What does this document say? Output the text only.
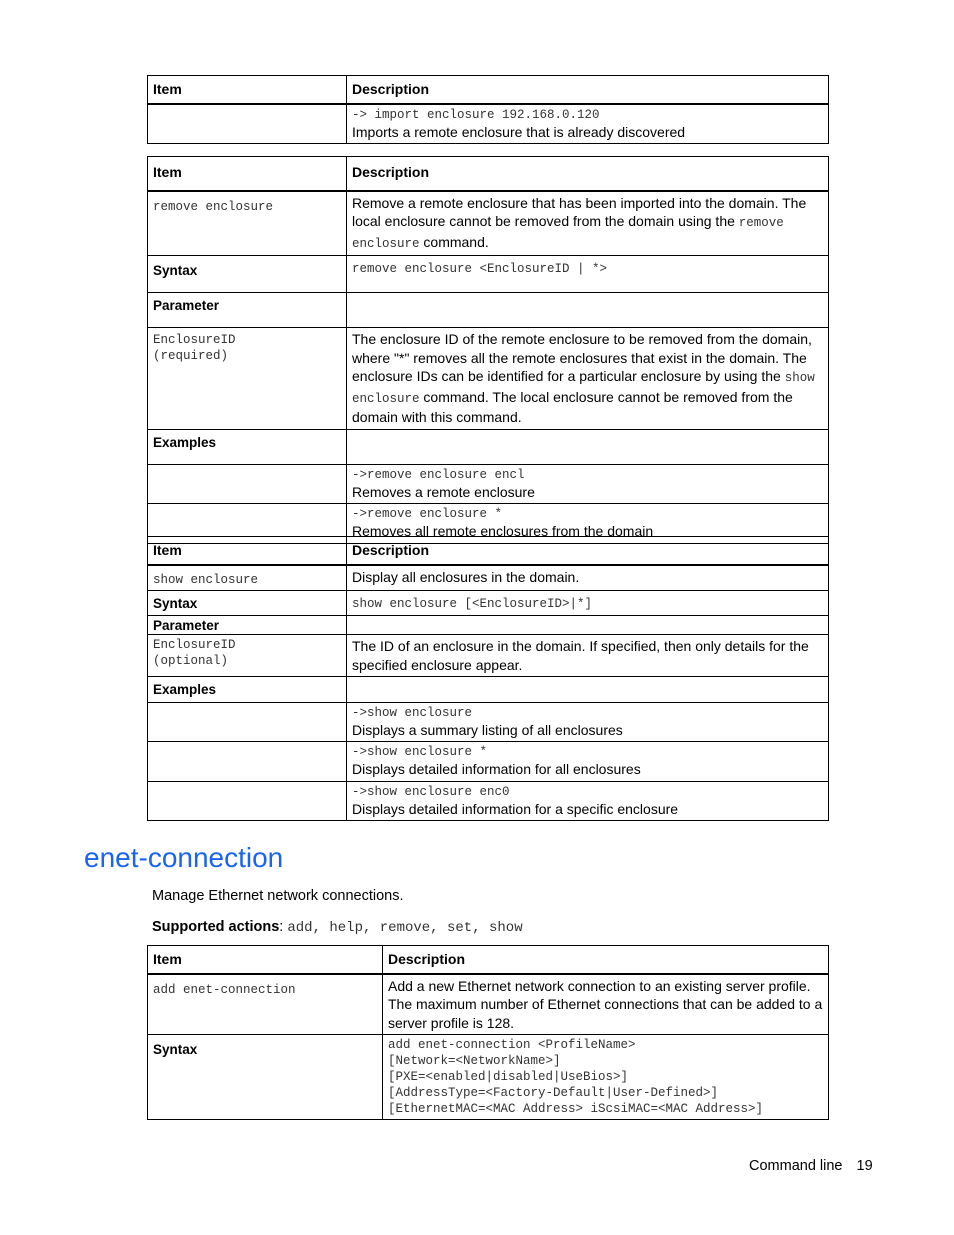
Item	Description

	-> import enclosure 192.168.0.120
Imports a remote enclosure that is already discovered
Item	Description
remove enclosure	Remove a remote enclosure that has been imported into the domain. The local enclosure cannot be removed from the domain using the remove enclosure command.
Syntax	remove enclosure <EnclosureID | *>
Parameter	

EnclosureID
(required)	The enclosure ID of the remote enclosure to be removed from the domain, where "*" removes all the remote enclosures that exist in the domain. The enclosure IDs can be identified for a particular enclosure by using the show enclosure command. The local enclosure cannot be removed from the domain with this command.
Examples	

	->remove enclosure encl
Removes a remote enclosure

	->remove enclosure *
Removes all remote enclosures from the domain
Item	Description
show enclosure	Display all enclosures in the domain.
Syntax	show enclosure [<EnclosureID>|*]
Parameter	

EnclosureID
(optional)	The ID of an enclosure in the domain. If specified, then only details for the specified enclosure appear.
Examples	

	->show enclosure
Displays a summary listing of all enclosures

	->show enclosure *
Displays detailed information for all enclosures

	->show enclosure enc0
Displays detailed information for a specific enclosure
enet-connection
Manage Ethernet network connections.
Supported actions: add, help, remove, set, show
Item	Description
add enet-connection	Add a new Ethernet network connection to an existing server profile. The maximum number of Ethernet connections that can be added to a server profile is 128.
Syntax	add enet-connection <ProfileName>
[Network=<NetworkName>]
[PXE=<enabled|disabled|UseBios>]
[AddressType=<Factory-Default|User-Defined>]
[EthernetMAC=<MAC Address> iScsiMAC=<MAC Address>]
Command line 19
